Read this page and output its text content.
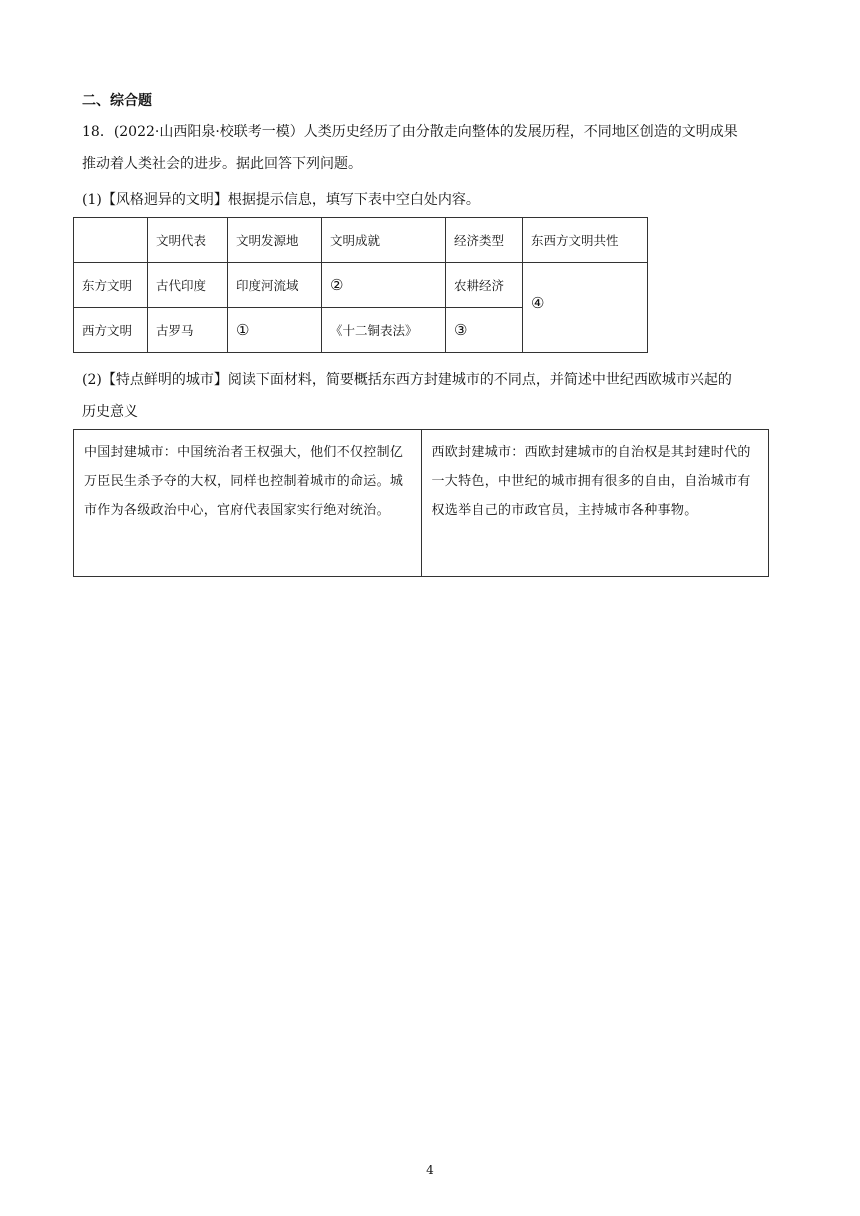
二、综合题
18．(2022·山西阳泉·校联考一模）人类历史经历了由分散走向整体的发展历程，不同地区创造的文明成果
推动着人类社会的进步。据此回答下列问题。
(1)【风格迥异的文明】根据提示信息，填写下表中空白处内容。
	文明代表	文明发源地	文明成就	经济类型	东西方文明共性
东方文明	古代印度	印度河流域	②	农耕经济	④
西方文明	古罗马	①	《十二铜表法》	③	
(2)【特点鲜明的城市】阅读下面材料，简要概括东西方封建城市的不同点，并简述中世纪西欧城市兴起的
历史意义
中国封建城市：中国统治者王权强大，他们不仅控制亿万臣民生杀予夺的大权，同样也控制着城市的命运。城市作为各级政治中心，官府代表国家实行绝对统治。	西欧封建城市：西欧封建城市的自治权是其封建时代的一大特色，中世纪的城市拥有很多的自由，自治城市有权选举自己的市政官员，主持城市各种事物。
4
